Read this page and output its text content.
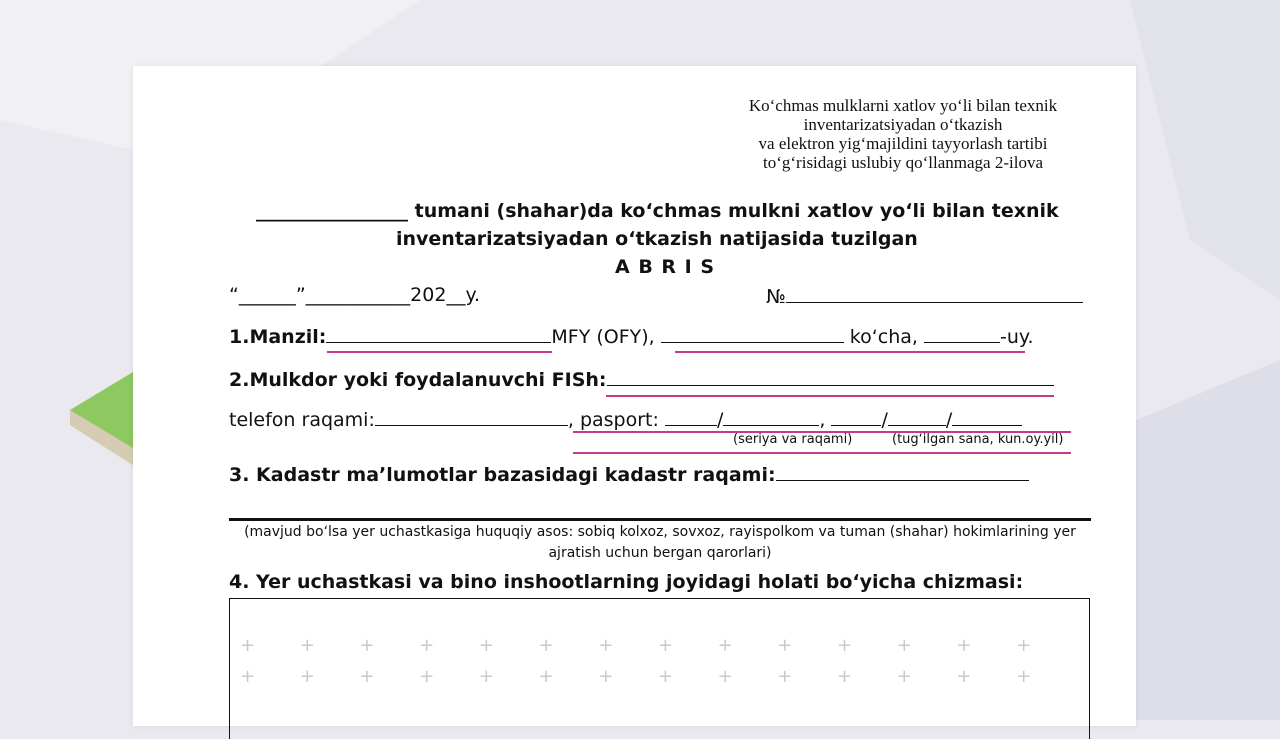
Koʻchmas mulklarni xatlov yoʻli bilan texnik
inventarizatsiyadan oʻtkazish
va elektron yigʻmajildini tayyorlash tartibi
toʻgʻrisidagi uslubiy qoʻllanmaga 2-ilova
________________ tumani (shahar)da koʻchmas mulkni xatlov yoʻli bilan texnik
inventarizatsiyadan oʻtkazish natijasida tuzilgan
A B R I S
“______”___________202__y.	№
1.Manzil:	MFY (OFY),	koʻcha,	-uy.
2.Mulkdor yoki foydalanuvchi FISh:
telefon raqami:	, pasport:	/	,	/	/
(seriya va raqami)	(tugʻilgan sana, kun.oy.yil)
3. Kadastr maʼlumotlar bazasidagi kadastr raqami:
(mavjud boʻlsa yer uchastkasiga huquqiy asos: sobiq kolxoz, sovxoz, rayispolkom va tuman (shahar) hokimlarining yer
ajratish uchun bergan qarorlari)
4. Yer uchastkasi va bino inshootlarning joyidagi holati boʻyicha chizmasi:
+ + + + + + + + + + + + + +
+ + + + + + + + + + + + + +
